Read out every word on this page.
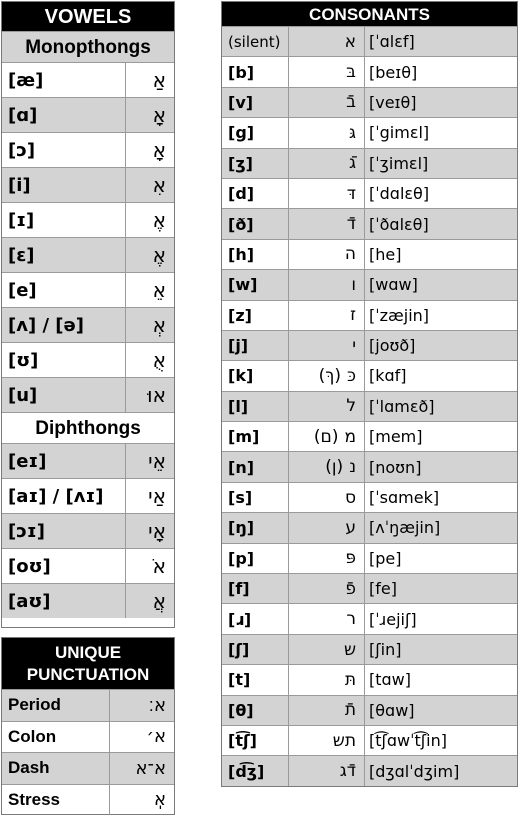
VOWELS
Monopthongs
[æ]	אַ
[ɑ]	אָ
[ɔ]	אָ
[i]	אִ
[ɪ]	אֶ
[ɛ]	אֶ
[e]	אֵ
[ʌ] / [ə]	אְ
[ʊ]	אֻ
[u]	אוּ
Diphthongs
[eɪ]	אֵי
[aɪ] / [ʌɪ]	אַי
[ɔɪ]	אָי
[oʊ]	אֹ
[aʊ]	אֲ
UNIQUE
PUNCTUATION
Period	א׃
Colon	א׳
Dash	א־א
Stress	אֽ
CONSONANTS
(silent)	א [ˈɑlɛf]
[b]	בּ [beɪθ]
[v]	בֿ [veɪθ]
[g]	גּ [ˈgimɛl]
[ʒ]	גֿ [ˈʒimɛl]
[d]	דּ [ˈdɑlɛθ]
[ð]	דֿ [ˈðɑlɛθ]
[h]	ה [he]
[w]	ו [wɑw]
[z]	ז [ˈzæjin]
[j]	י [joʊð]
[k]	(ךּ) כּ [kɑf]
[l]	ל [ˈlɑmɛð]
[m]	(ם) מ [mem]
[n]	(ן) נ [noʊn]
[s]	ס [ˈsɑmek]
[ŋ]	ע [ʌˈŋæjin]
[p]	פּ [pe]
[f]	פֿ [fe]
[ɹ]	ר [ˈɹejiʃ]
[ʃ]	ש [ʃin]
[t]	תּ [tɑw]
[θ]	תֿ [θɑw]
[t͡ʃ]	תש [t͡ʃɑwˈt͡ʃin]
[d͡ʒ]	דֿג [dʒɑlˈdʒim]
